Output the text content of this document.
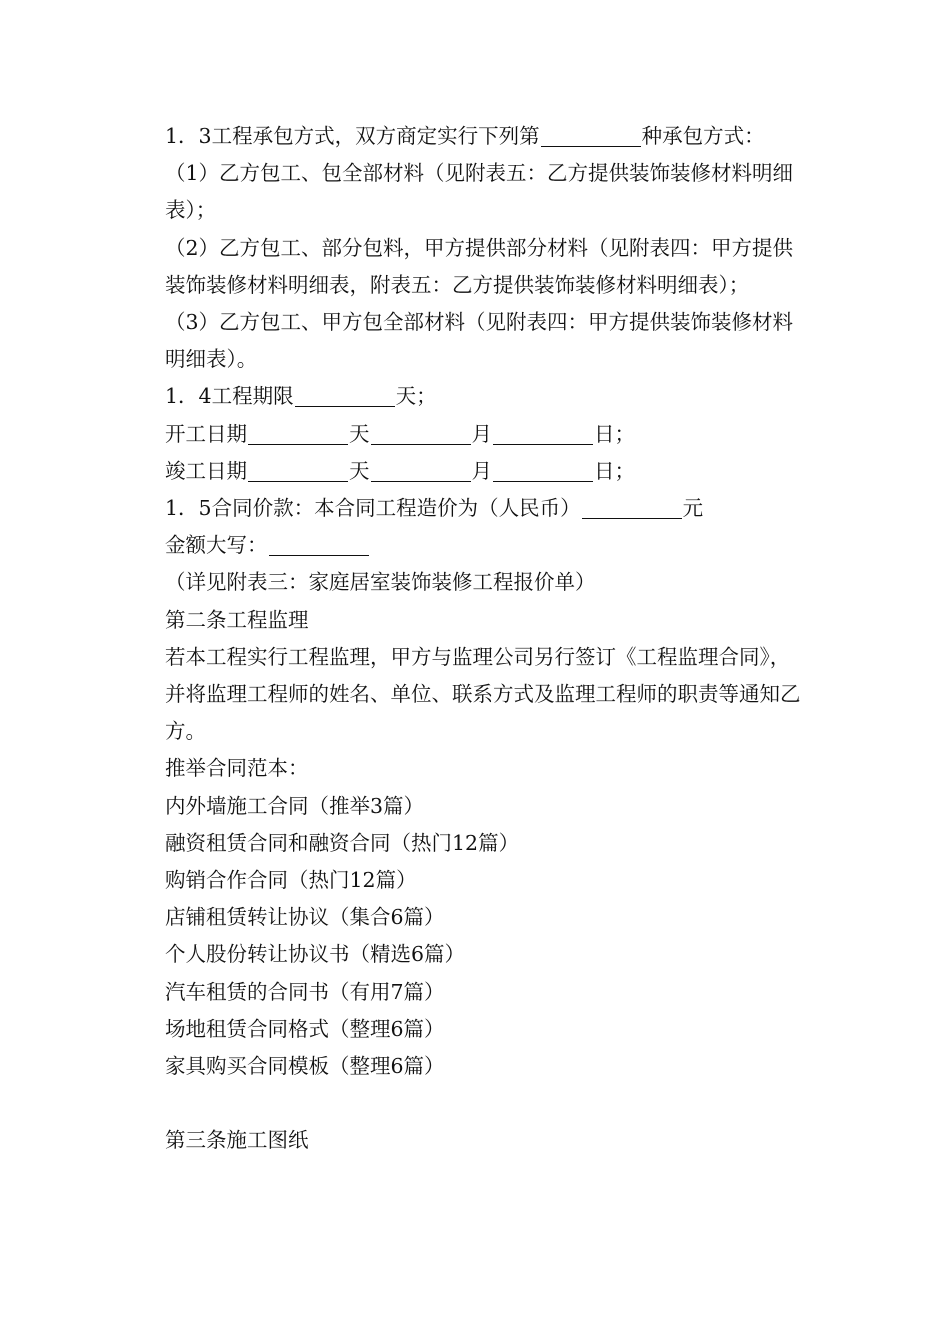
1．3工程承包方式，双方商定实行下列第	种承包方式：
（1）乙方包工、包全部材料（见附表五：乙方提供装饰装修材料明细表）；
（2）乙方包工、部分包料，甲方提供部分材料（见附表四：甲方提供装饰装修材料明细表，附表五：乙方提供装饰装修材料明细表）；
（3）乙方包工、甲方包全部材料（见附表四：甲方提供装饰装修材料明细表）。
1．4工程期限	天；
开工日期	天	月	日；
竣工日期	天	月	日；
1．5合同价款：本合同工程造价为（人民币）	元
金额大写：
（详见附表三：家庭居室装饰装修工程报价单）
第二条工程监理
若本工程实行工程监理，甲方与监理公司另行签订《工程监理合同》，并将监理工程师的姓名、单位、联系方式及监理工程师的职责等通知乙方。
推举合同范本：
内外墙施工合同（推举3篇）
融资租赁合同和融资合同（热门12篇）
购销合作合同（热门12篇）
店铺租赁转让协议（集合6篇）
个人股份转让协议书（精选6篇）
汽车租赁的合同书（有用7篇）
场地租赁合同格式（整理6篇）
家具购买合同模板（整理6篇）
第三条施工图纸
